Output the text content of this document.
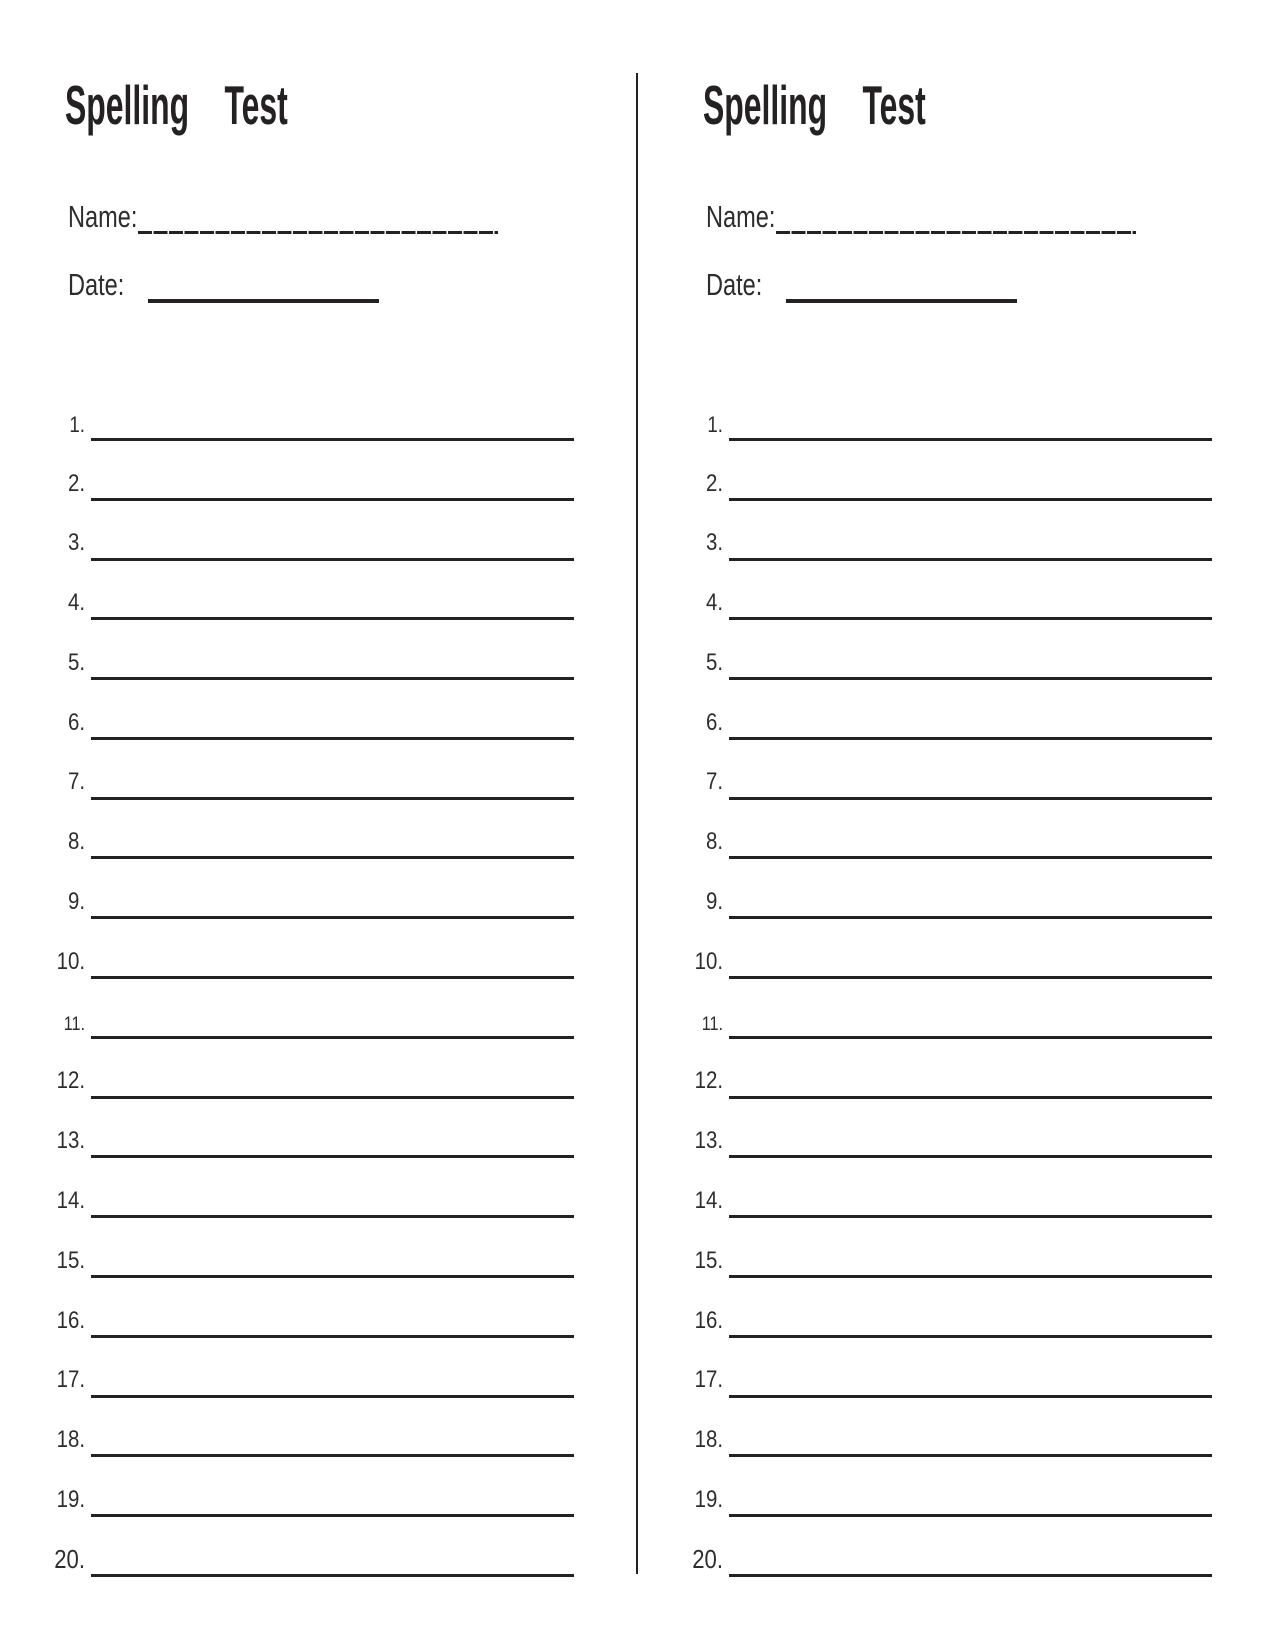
Spelling    Test
Name:
Date:
1.
2.
3.
4.
5.
6.
7.
8.
9.
10.
11.
12.
13.
14.
15.
16.
17.
18.
19.
20.
Spelling    Test
Name:
Date:
1.
2.
3.
4.
5.
6.
7.
8.
9.
10.
11.
12.
13.
14.
15.
16.
17.
18.
19.
20.
